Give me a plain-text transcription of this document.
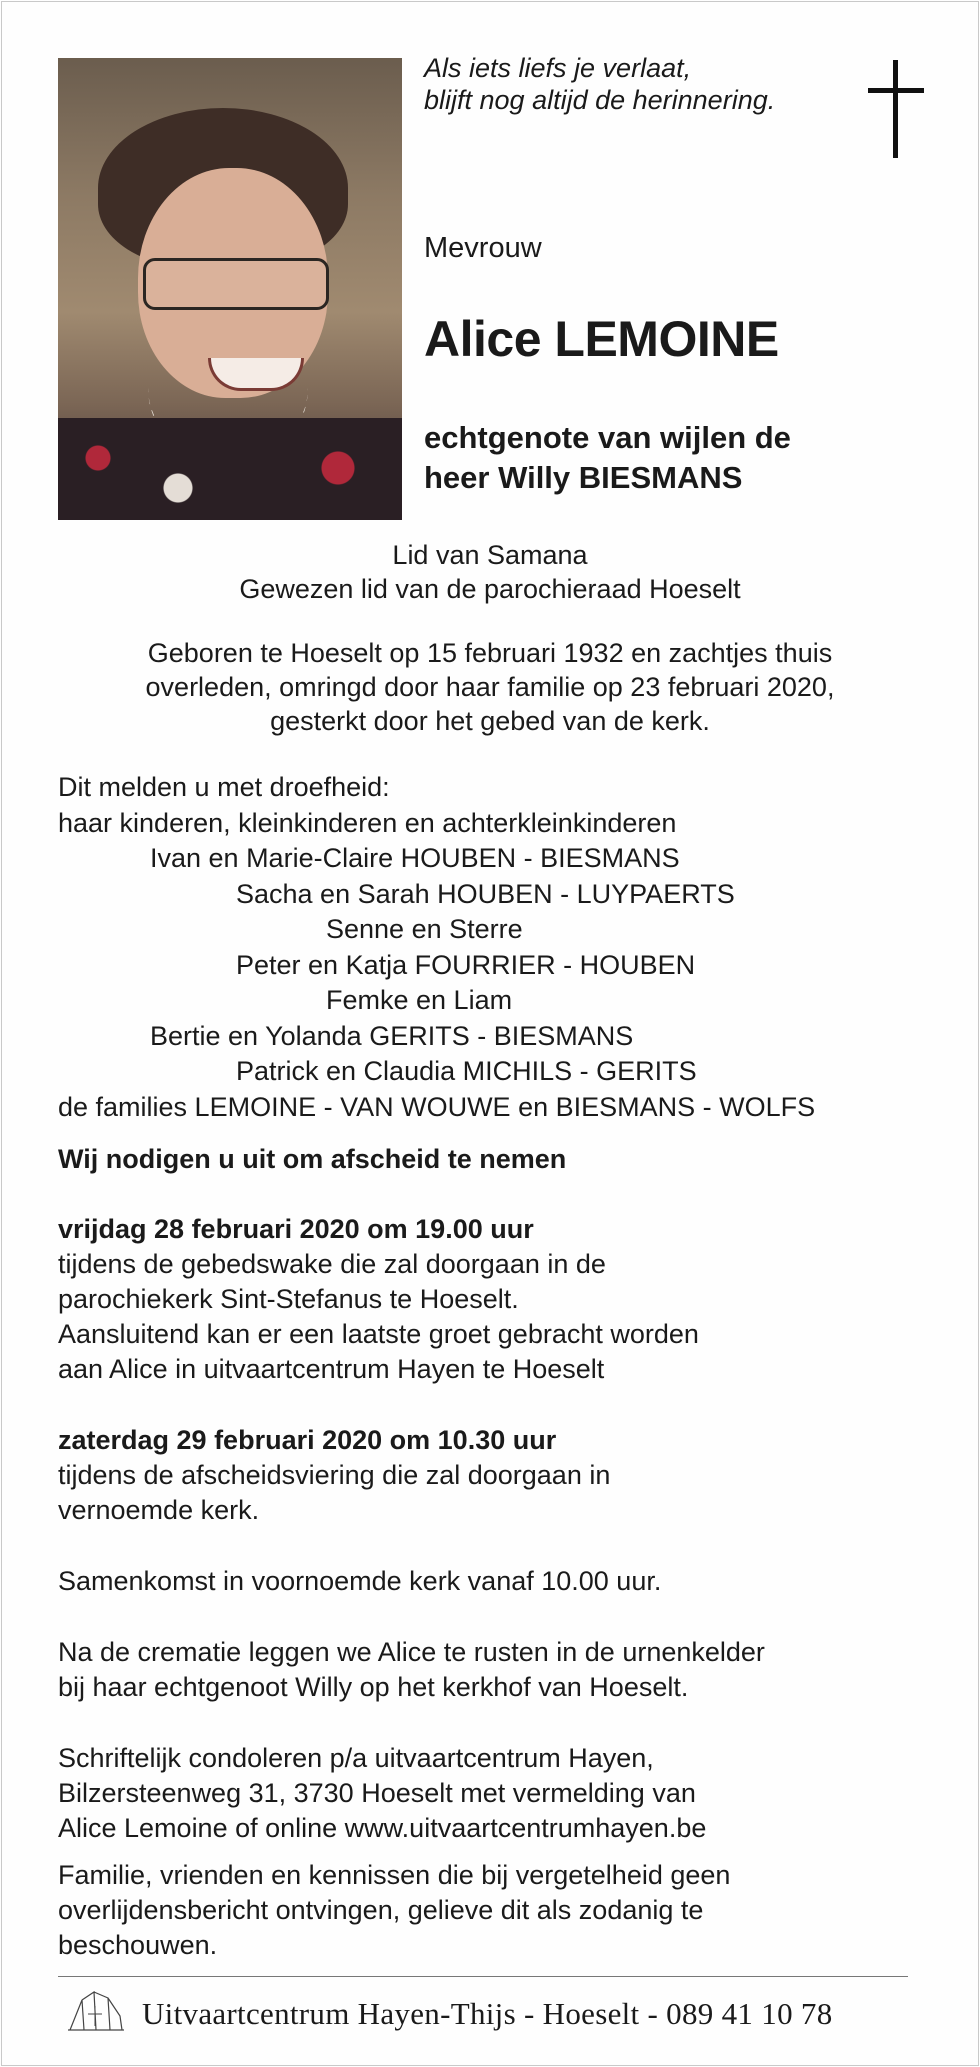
Als iets liefs je verlaat,
blijft nog altijd de herinnering.
Mevrouw
Alice LEMOINE
echtgenote van wijlen de
heer Willy BIESMANS
Lid van Samana
Gewezen lid van de parochieraad Hoeselt
Geboren te Hoeselt op 15 februari 1932 en zachtjes thuis
overleden, omringd door haar familie op 23 februari 2020,
gesterkt door het gebed van de kerk.
Dit melden u met droefheid:
haar kinderen, kleinkinderen en achterkleinkinderen
Ivan en Marie-Claire HOUBEN - BIESMANS
Sacha en Sarah HOUBEN - LUYPAERTS
Senne en Sterre
Peter en Katja FOURRIER - HOUBEN
Femke en Liam
Bertie en Yolanda GERITS - BIESMANS
Patrick en Claudia MICHILS - GERITS
de families LEMOINE - VAN WOUWE en BIESMANS - WOLFS
Wij nodigen u uit om afscheid te nemen
vrijdag 28 februari 2020 om 19.00 uur
tijdens de gebedswake die zal doorgaan in de
parochiekerk Sint-Stefanus te Hoeselt.
Aansluitend kan er een laatste groet gebracht worden
aan Alice in uitvaartcentrum Hayen te Hoeselt
zaterdag 29 februari 2020 om 10.30 uur
tijdens de afscheidsviering die zal doorgaan in
vernoemde kerk.
Samenkomst in voornoemde kerk vanaf 10.00 uur.
Na de crematie leggen we Alice te rusten in de urnenkelder
bij haar echtgenoot Willy op het kerkhof van Hoeselt.
Schriftelijk condoleren p/a uitvaartcentrum Hayen,
Bilzersteenweg 31, 3730 Hoeselt met vermelding van
Alice Lemoine of online www.uitvaartcentrumhayen.be
Familie, vrienden en kennissen die bij vergetelheid geen
overlijdensbericht ontvingen, gelieve dit als zodanig te
beschouwen.
Uitvaartcentrum Hayen-Thijs - Hoeselt - 089 41 10 78
